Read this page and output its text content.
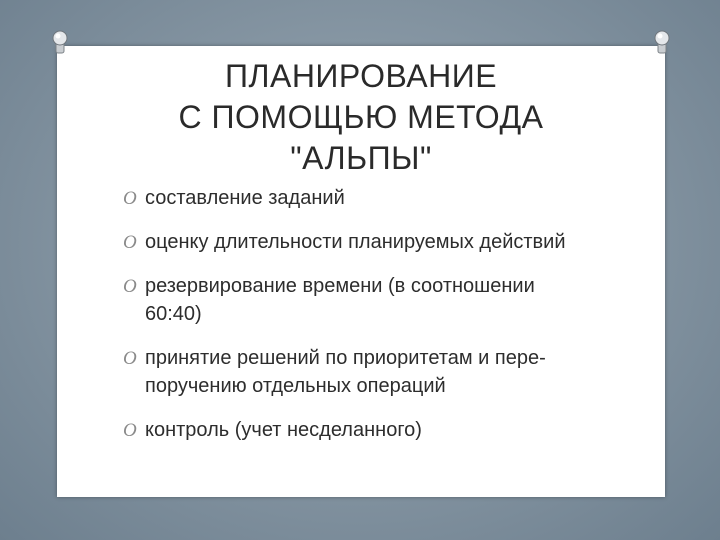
ПЛАНИРОВАНИЕ
С ПОМОЩЬЮ МЕТОДА
"АЛЬПЫ"
O составление заданий
O оценку длительности планируемых действий
O резервирование времени (в соотношении
60:40)
O принятие решений по приоритетам и пере-
поручению отдельных операций
O контроль (учет несделанного)
